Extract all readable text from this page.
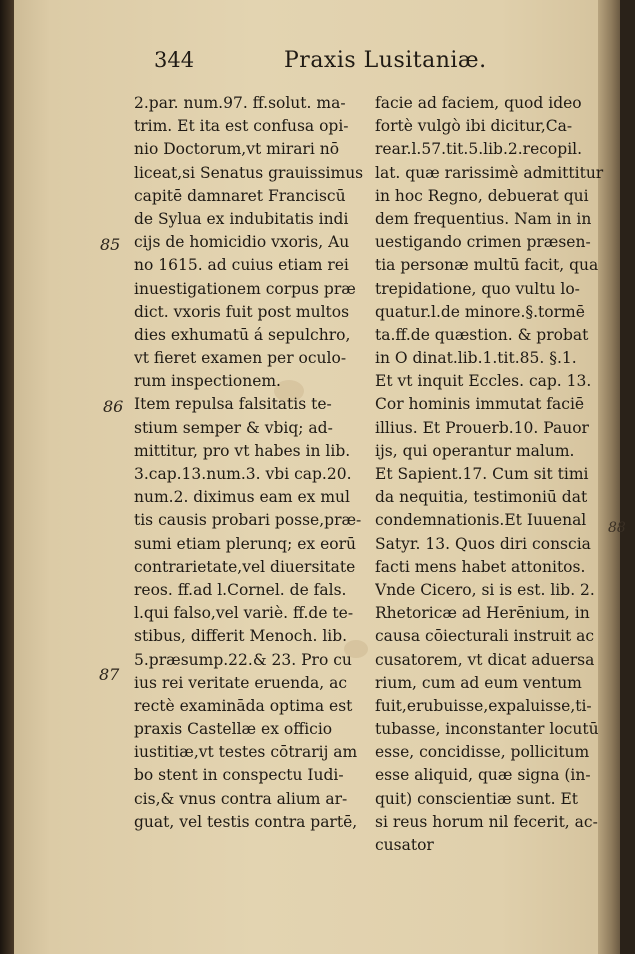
344	Praxis Lusitaniæ.
2.par. num.97. ff.solut. ma-
trim. Et ita est confusa opi-
nio Doctorum,vt mirari nō
liceat,si Senatus grauissimus
capitē damnaret Franciscū
de Sylua ex indubitatis indi
cijs de homicidio vxoris, Au
no 1615. ad cuius etiam rei
inuestigationem corpus præ
dict. vxoris fuit post multos
dies exhumatū á sepulchro,
vt fieret examen per oculo-
rum inspectionem.
Item repulsa falsitatis te-
stium semper & vbiq; ad-
mittitur, pro vt habes in lib.
3.cap.13.num.3. vbi cap.20.
num.2. diximus eam ex mul
tis causis probari posse,præ-
sumi etiam plerunq; ex eorū
contrarietate,vel diuersitate
reos. ff.ad l.Cornel. de fals.
l.qui falso,vel variè. ff.de te-
stibus, differit Menoch. lib.
5.præsump.22.& 23. Pro cu
ius rei veritate eruenda, ac
rectè examināda optima est
praxis Castellæ ex officio
iustitiæ,vt testes cōtrarij am
bo stent in conspectu Iudi-
cis,& vnus contra alium ar-
guat, vel testis contra partē,
facie ad faciem, quod ideo
fortè vulgò ibi dicitur,Ca-
rear.l.57.tit.5.lib.2.recopil.
lat. quæ rarissimè admittitur
in hoc Regno, debuerat qui
dem frequentius. Nam in in
uestigando crimen præsen-
tia personæ multū facit, qua
trepidatione, quo vultu lo-
quatur.l.de minore.§.tormē
ta.ff.de quæstion. & probat
in O dinat.lib.1.tit.85. §.1.
Et vt inquit Eccles. cap. 13.
Cor hominis immutat faciē
illius. Et Prouerb.10. Pauor
ijs, qui operantur malum.
Et Sapient.17. Cum sit timi
da nequitia, testimoniū dat
condemnationis.Et Iuuenal
Satyr. 13. Quos diri conscia
facti mens habet attonitos.
Vnde Cicero, si is est. lib. 2.
Rhetoricæ ad Herēnium, in
causa cōiecturali instruit ac
cusatorem, vt dicat aduersa
rium, cum ad eum ventum
fuit,erubuisse,expaluisse,ti-
tubasse, inconstanter locutū
esse, concidisse, pollicitum
esse aliquid, quæ signa (in-
quit) conscientiæ sunt. Et
si reus horum nil fecerit, ac-
cusator
85
86
87
88
